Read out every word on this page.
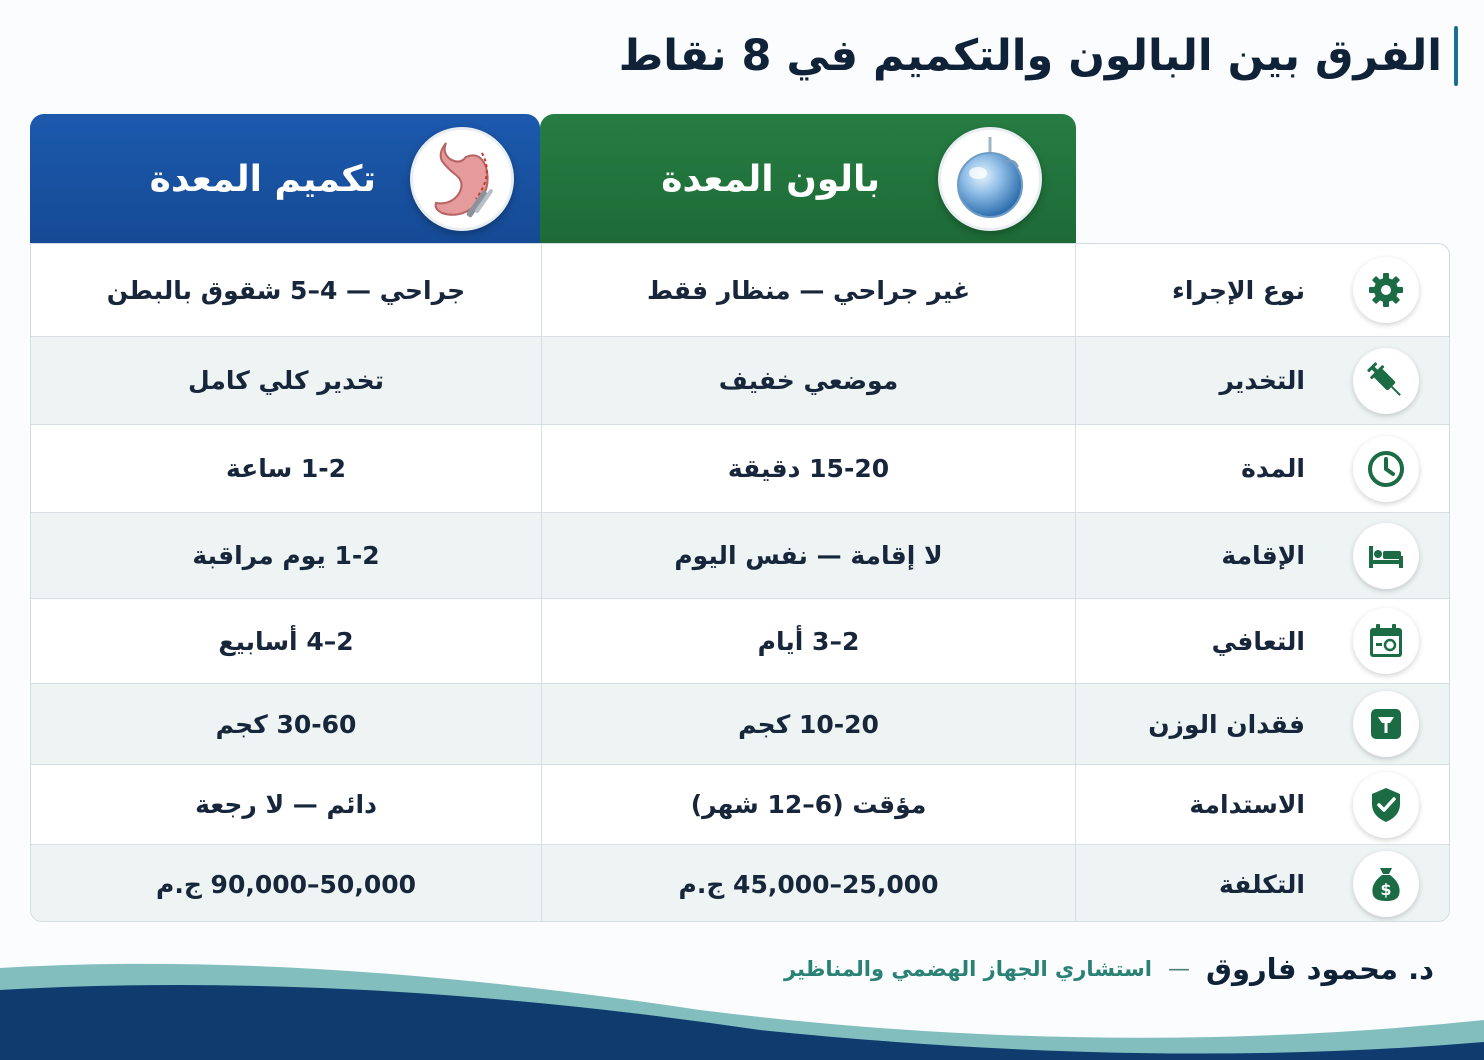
الفرق بين البالون والتكميم في 8 نقاط
بالون المعدة
تكميم المعدة
جراحي — 4–5 شقوق بالبطن	غير جراحي — منظار فقط	نوع الإجراء
تخدير كلي كامل	موضعي خفيف	التخدير
1-2 ساعة	15-20 دقيقة	المدة
1-2 يوم مراقبة	لا إقامة — نفس اليوم	الإقامة
2–4 أسابيع	2–3 أيام	التعافي
30-60 كجم	10-20 كجم	فقدان الوزن
دائم — لا رجعة	مؤقت (6–12 شهر)	الاستدامة
50,000–90,000 ج.م	25,000–45,000 ج.م	التكلفة	$
د. محمود فاروق
—
استشاري الجهاز الهضمي والمناظير
